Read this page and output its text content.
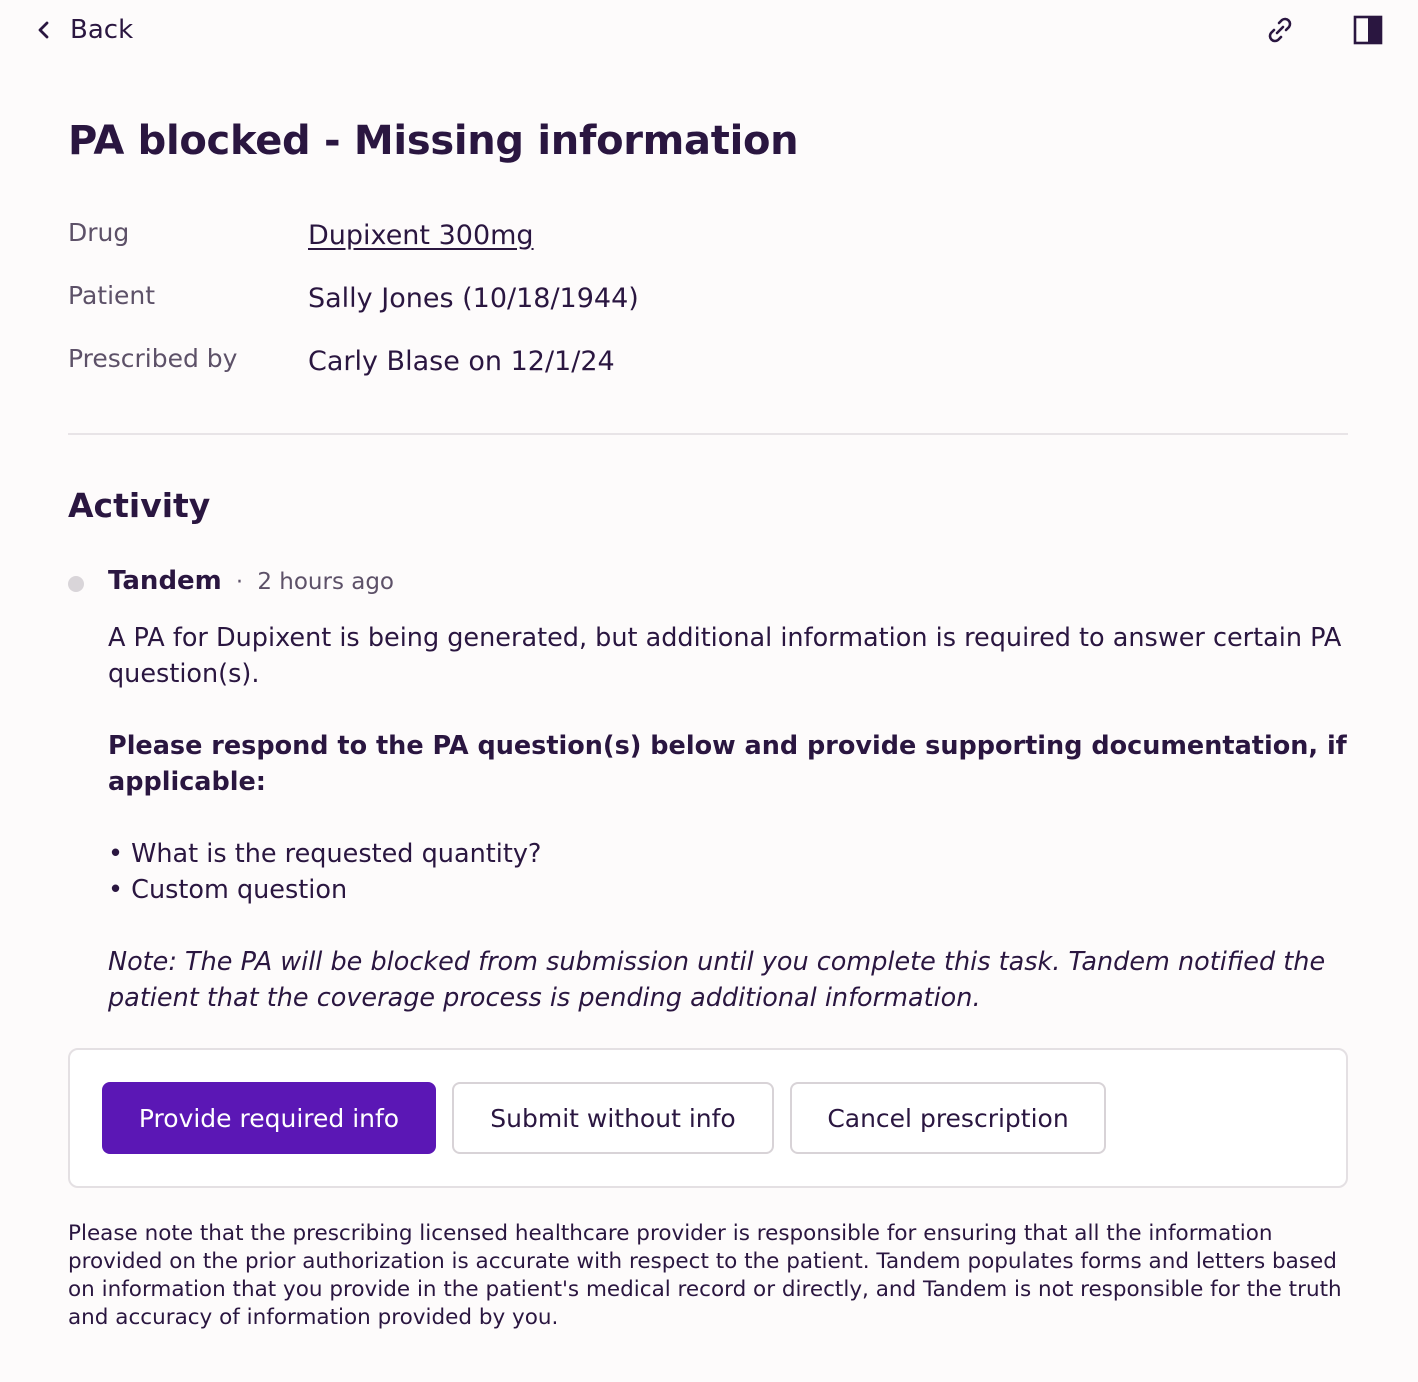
Back
PA blocked - Missing information
Drug	Dupixent 300mg
Patient	Sally Jones (10/18/1944)
Prescribed by	Carly Blase on 12/1/24
Activity
Tandem · 2 hours ago

A PA for Dupixent is being generated, but additional information is required to answer certain PA question(s).

Please respond to the PA question(s) below and provide supporting documentation, if applicable:

• What is the requested quantity?
• Custom question

Note: The PA will be blocked from submission until you complete this task. Tandem notified the patient that the coverage process is pending additional information.

Provide required info	Submit without info	Cancel prescription

Please note that the prescribing licensed healthcare provider is responsible for ensuring that all the information provided on the prior authorization is accurate with respect to the patient. Tandem populates forms and letters based on information that you provide in the patient's medical record or directly, and Tandem is not responsible for the truth and accuracy of information provided by you.
